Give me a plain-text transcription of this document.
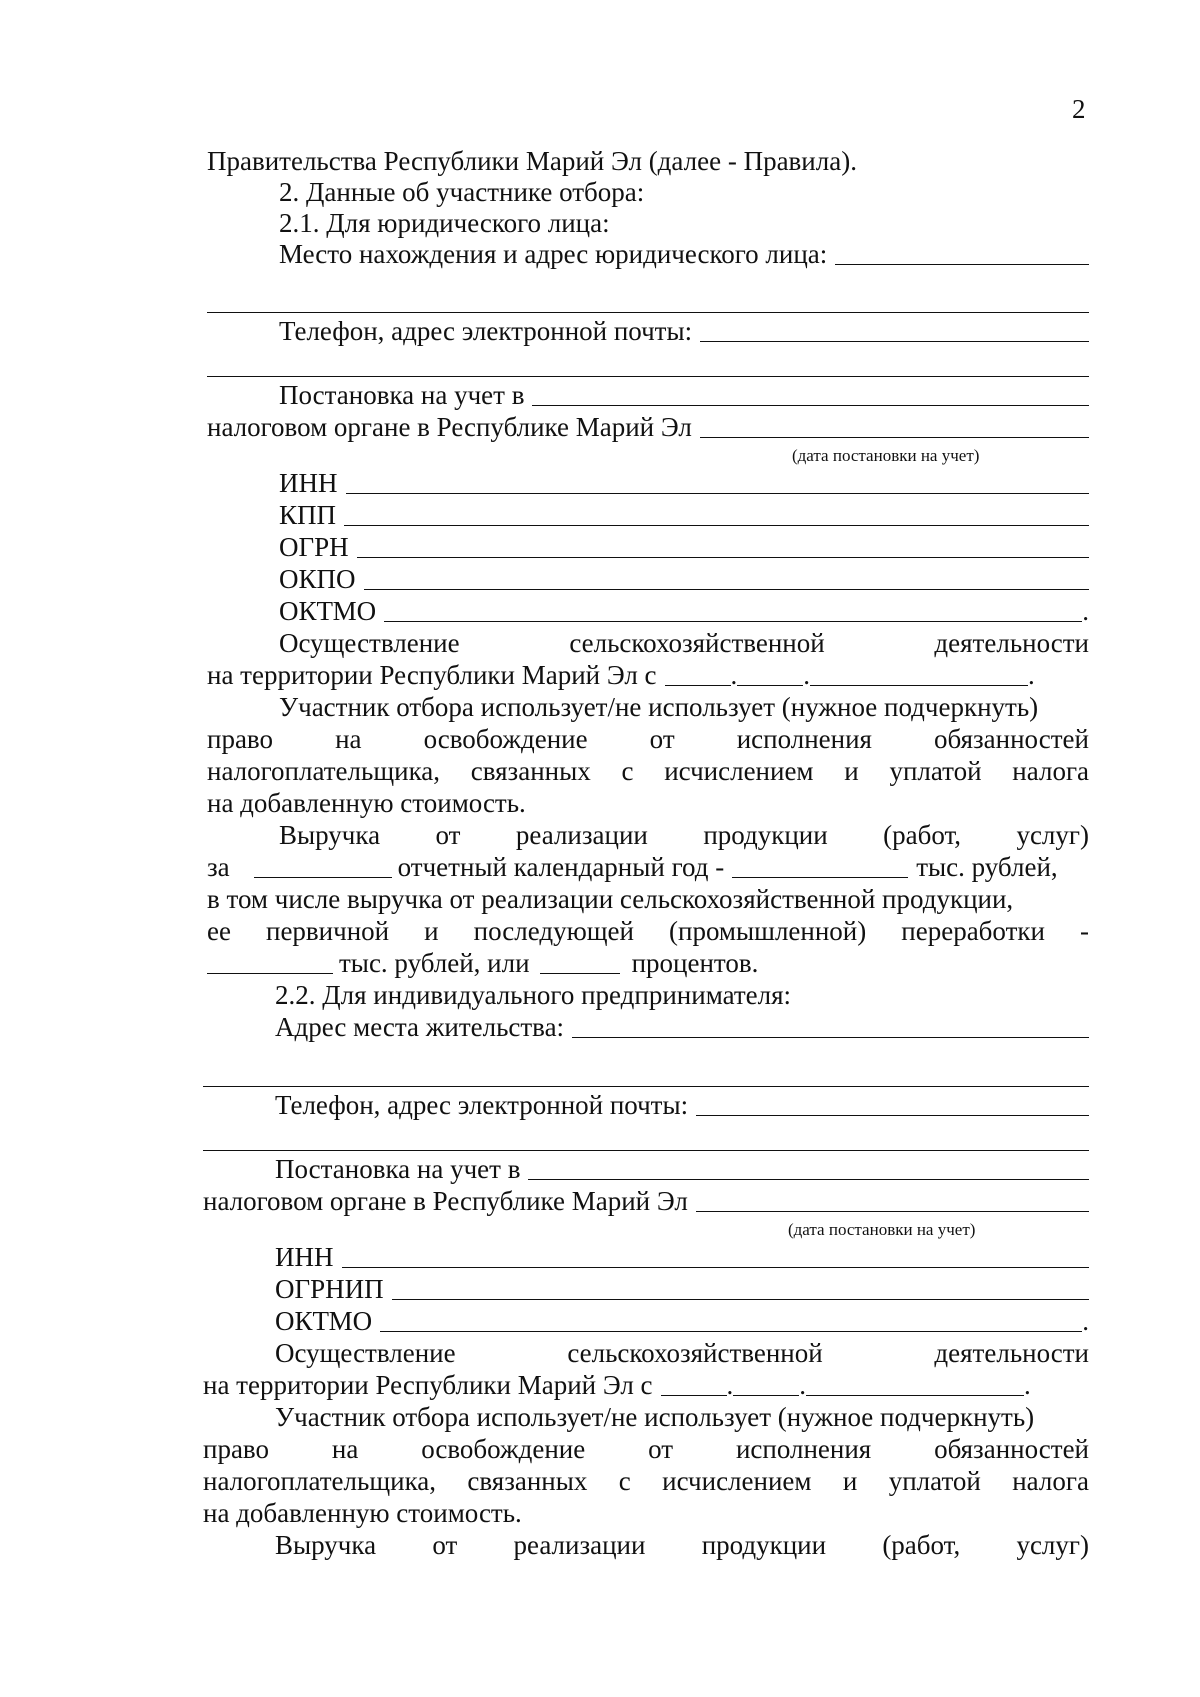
2
Правительства Республики Марий Эл (далее - Правила).
2. Данные об участнике отбора:
2.1. Для юридического лица:
Место нахождения и адрес юридического лица:
Телефон, адрес электронной почты:
Постановка на учет в
налоговом органе в Республике Марий Эл
(дата постановки на учет)
ИНН
КПП
ОГРН
ОКПО
ОКТМО	.
Осуществление	сельскохозяйственной	деятельности
на территории Республики Марий Эл с	. .	.
Участник отбора использует/не использует (нужное подчеркнуть)
право на освобождение от исполнения обязанностей
налогоплательщика, связанных с исчислением и уплатой налога
на добавленную стоимость.
Выручка от реализации продукции (работ, услуг)
за	отчетный календарный год -	тыс. рублей,
в том числе выручка от реализации сельскохозяйственной продукции,
ее первичной и последующей (промышленной) переработки -
тыс. рублей, или	процентов.
2.2. Для индивидуального предпринимателя:
Адрес места жительства:
Телефон, адрес электронной почты:
Постановка на учет в
налоговом органе в Республике Марий Эл
(дата постановки на учет)
ИНН
ОГРНИП
ОКТМО	.
Осуществление	сельскохозяйственной	деятельности
на территории Республики Марий Эл с	. .	.
Участник отбора использует/не использует (нужное подчеркнуть)
право на освобождение от исполнения обязанностей
налогоплательщика, связанных с исчислением и уплатой налога
на добавленную стоимость.
Выручка от реализации продукции (работ, услуг)
